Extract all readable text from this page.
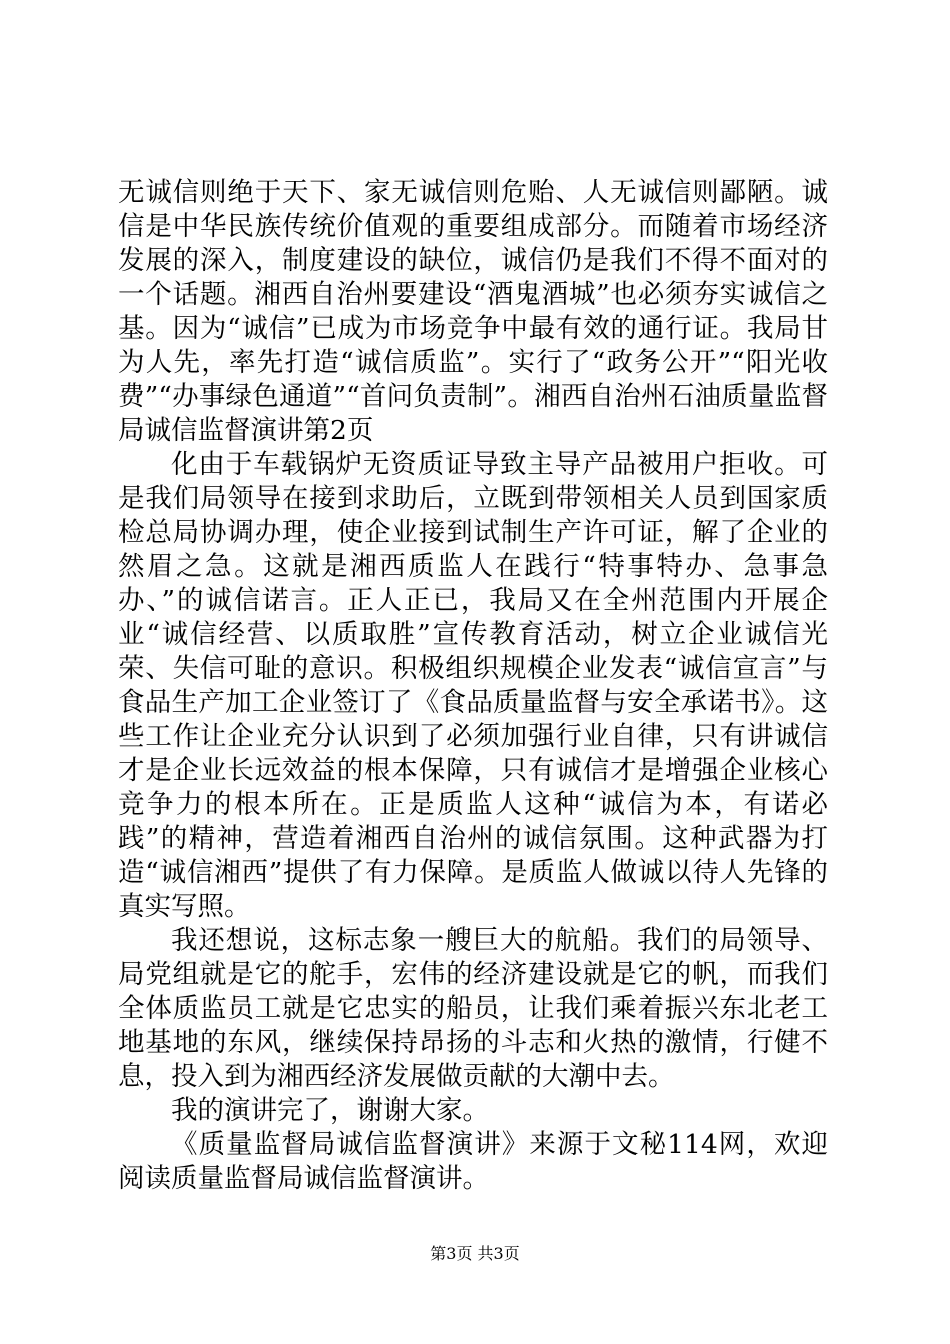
无诚信则绝于天下、家无诚信则危贻、人无诚信则鄙陋。诚信是中华民族传统价值观的重要组成部分。而随着市场经济发展的深入，制度建设的缺位，诚信仍是我们不得不面对的一个话题。湘西自治州要建设“酒鬼酒城”也必须夯实诚信之基。因为“诚信”已成为市场竞争中最有效的通行证。我局甘为人先，率先打造“诚信质监”。实行了“政务公开”“阳光收费”“办事绿色通道”“首问负责制”。湘西自治州石油质量监督局诚信监督演讲第2页

化由于车载锅炉无资质证导致主导产品被用户拒收。可是我们局领导在接到求助后，立既到带领相关人员到国家质检总局协调办理，使企业接到试制生产许可证，解了企业的然眉之急。这就是湘西质监人在践行“特事特办、急事急办、”的诚信诺言。正人正已，我局又在全州范围内开展企业“诚信经营、以质取胜”宣传教育活动，树立企业诚信光荣、失信可耻的意识。积极组织规模企业发表“诚信宣言”与食品生产加工企业签订了《食品质量监督与安全承诺书》。这些工作让企业充分认识到了必须加强行业自律，只有讲诚信才是企业长远效益的根本保障，只有诚信才是增强企业核心竞争力的根本所在。正是质监人这种“诚信为本，有诺必践”的精神，营造着湘西自治州的诚信氛围。这种武器为打造“诚信湘西”提供了有力保障。是质监人做诚以待人先锋的真实写照。

我还想说，这标志象一艘巨大的航船。我们的局领导、局党组就是它的舵手，宏伟的经济建设就是它的帆，而我们全体质监员工就是它忠实的船员，让我们乘着振兴东北老工地基地的东风，继续保持昂扬的斗志和火热的激情，行健不息，投入到为湘西经济发展做贡献的大潮中去。

我的演讲完了，谢谢大家。

《质量监督局诚信监督演讲》来源于文秘114网，欢迎阅读质量监督局诚信监督演讲。

第3页 共3页
